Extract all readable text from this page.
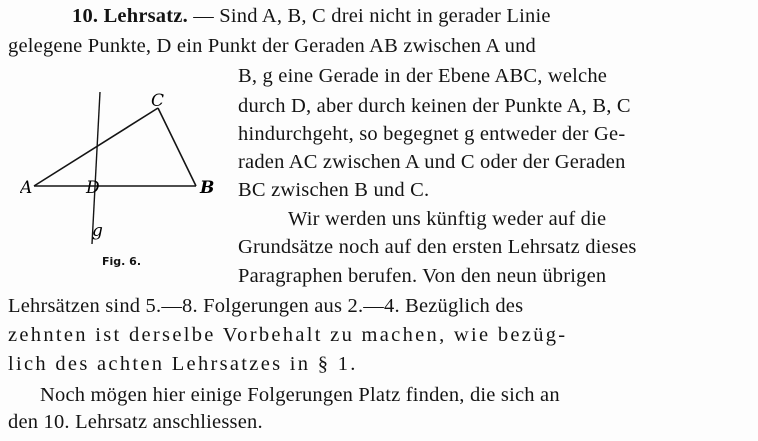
10. Lehrsatz. — Sind A, B, C drei nicht in gerader Linie
gelegene Punkte, D ein Punkt der Geraden AB zwischen A und
B, g eine Gerade in der Ebene ABC, welche
durch D, aber durch keinen der Punkte A, B, C
hindurchgeht, so begegnet g entweder der Ge-
raden AC zwischen A und C oder der Geraden
BC zwischen B und C.
Wir werden uns künftig weder auf die
Grundsätze noch auf den ersten Lehrsatz dieses
Paragraphen berufen. Von den neun übrigen
Lehrsätzen sind 5.—8. Folgerungen aus 2.—4. Bezüglich des
zehnten ist derselbe Vorbehalt zu machen, wie bezüg-
lich des achten Lehrsatzes in § 1.
Noch mögen hier einige Folgerungen Platz finden, die sich an
den 10. Lehrsatz anschliessen.
A	B
C
D
g
Fig. 6.
